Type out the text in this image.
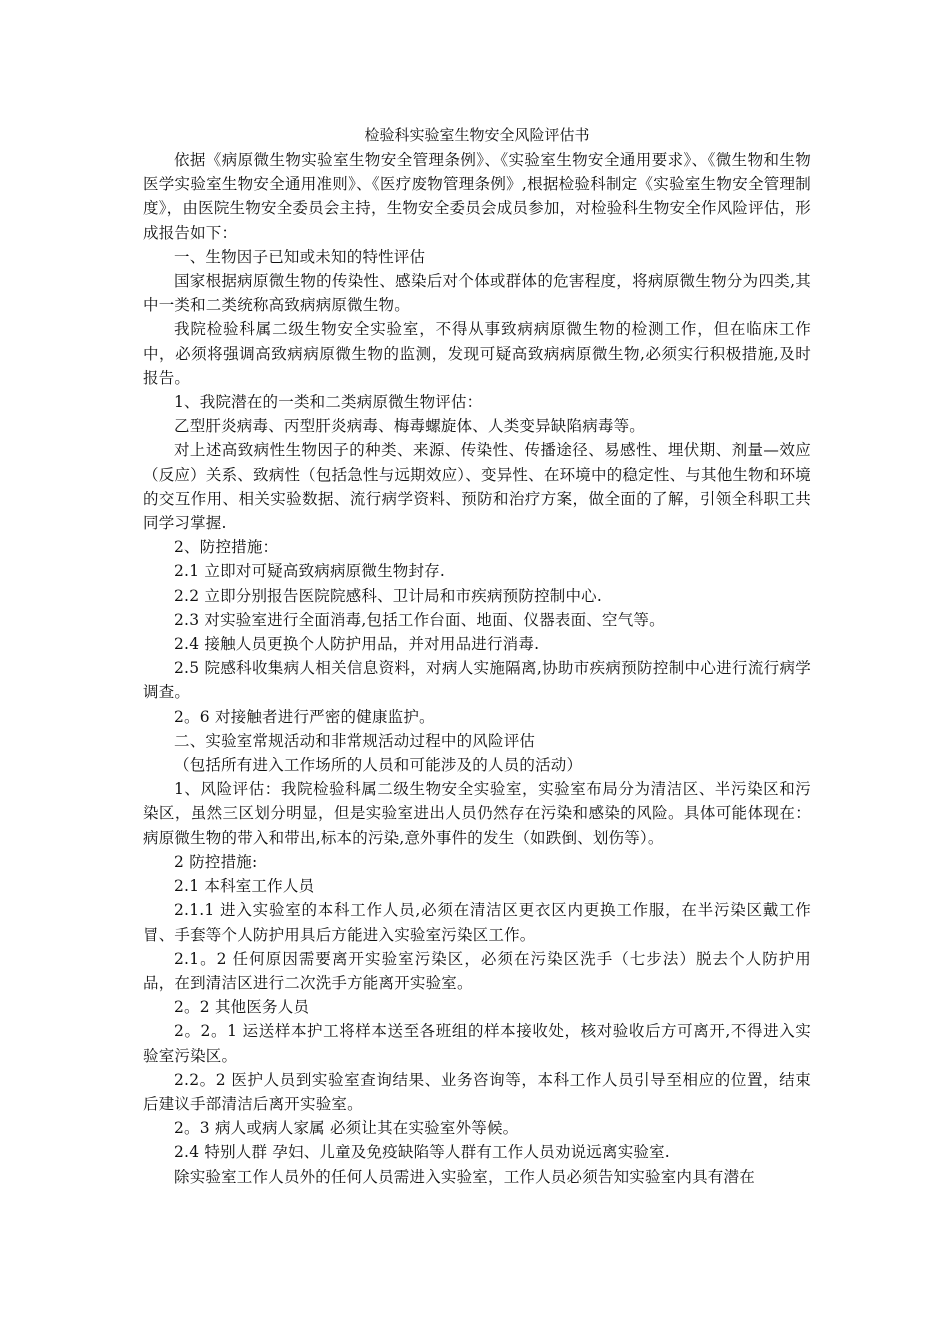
检验科实验室生物安全风险评估书

依据《病原微生物实验室生物安全管理条例》、《实验室生物安全通用要求》、《微生物和生物医学实验室生物安全通用准则》、《医疗废物管理条例》,根据检验科制定《实验室生物安全管理制度》，由医院生物安全委员会主持，生物安全委员会成员参加，对检验科生物安全作风险评估，形成报告如下：

一、生物因子已知或未知的特性评估

国家根据病原微生物的传染性、感染后对个体或群体的危害程度，将病原微生物分为四类,其中一类和二类统称高致病病原微生物。

我院检验科属二级生物安全实验室，不得从事致病病原微生物的检测工作，但在临床工作中，必须将强调高致病病原微生物的监测，发现可疑高致病病原微生物,必须实行积极措施,及时报告。

1、我院潜在的一类和二类病原微生物评估：

乙型肝炎病毒、丙型肝炎病毒、梅毒螺旋体、人类变异缺陷病毒等。

对上述高致病性生物因子的种类、来源、传染性、传播途径、易感性、埋伏期、剂量—效应（反应）关系、致病性（包括急性与远期效应）、变异性、在环境中的稳定性、与其他生物和环境的交互作用、相关实验数据、流行病学资料、预防和治疗方案，做全面的了解，引领全科职工共同学习掌握.

2、防控措施：

2.1 立即对可疑高致病病原微生物封存.

2.2 立即分别报告医院院感科、卫计局和市疾病预防控制中心.

2.3 对实验室进行全面消毒,包括工作台面、地面、仪器表面、空气等。

2.4 接触人员更换个人防护用品，并对用品进行消毒.

2.5 院感科收集病人相关信息资料，对病人实施隔离,协助市疾病预防控制中心进行流行病学调查。

2。6 对接触者进行严密的健康监护。

二、实验室常规活动和非常规活动过程中的风险评估

（包括所有进入工作场所的人员和可能涉及的人员的活动）

1、风险评估：我院检验科属二级生物安全实验室，实验室布局分为清洁区、半污染区和污染区，虽然三区划分明显，但是实验室进出人员仍然存在污染和感染的风险。具体可能体现在：病原微生物的带入和带出,标本的污染,意外事件的发生（如跌倒、划伤等）。

2 防控措施:

2.1 本科室工作人员

2.1.1 进入实验室的本科工作人员,必须在清洁区更衣区内更换工作服，在半污染区戴工作冒、手套等个人防护用具后方能进入实验室污染区工作。

2.1。2 任何原因需要离开实验室污染区，必须在污染区洗手（七步法）脱去个人防护用品，在到清洁区进行二次洗手方能离开实验室。

2。2 其他医务人员

2。2。1 运送样本护工将样本送至各班组的样本接收处，核对验收后方可离开,不得进入实验室污染区。

2.2。2 医护人员到实验室查询结果、业务咨询等，本科工作人员引导至相应的位置，结束后建议手部清洁后离开实验室。

2。3 病人或病人家属 必须让其在实验室外等候。

2.4 特别人群 孕妇、儿童及免疫缺陷等人群有工作人员劝说远离实验室.

除实验室工作人员外的任何人员需进入实验室，工作人员必须告知实验室内具有潜在
